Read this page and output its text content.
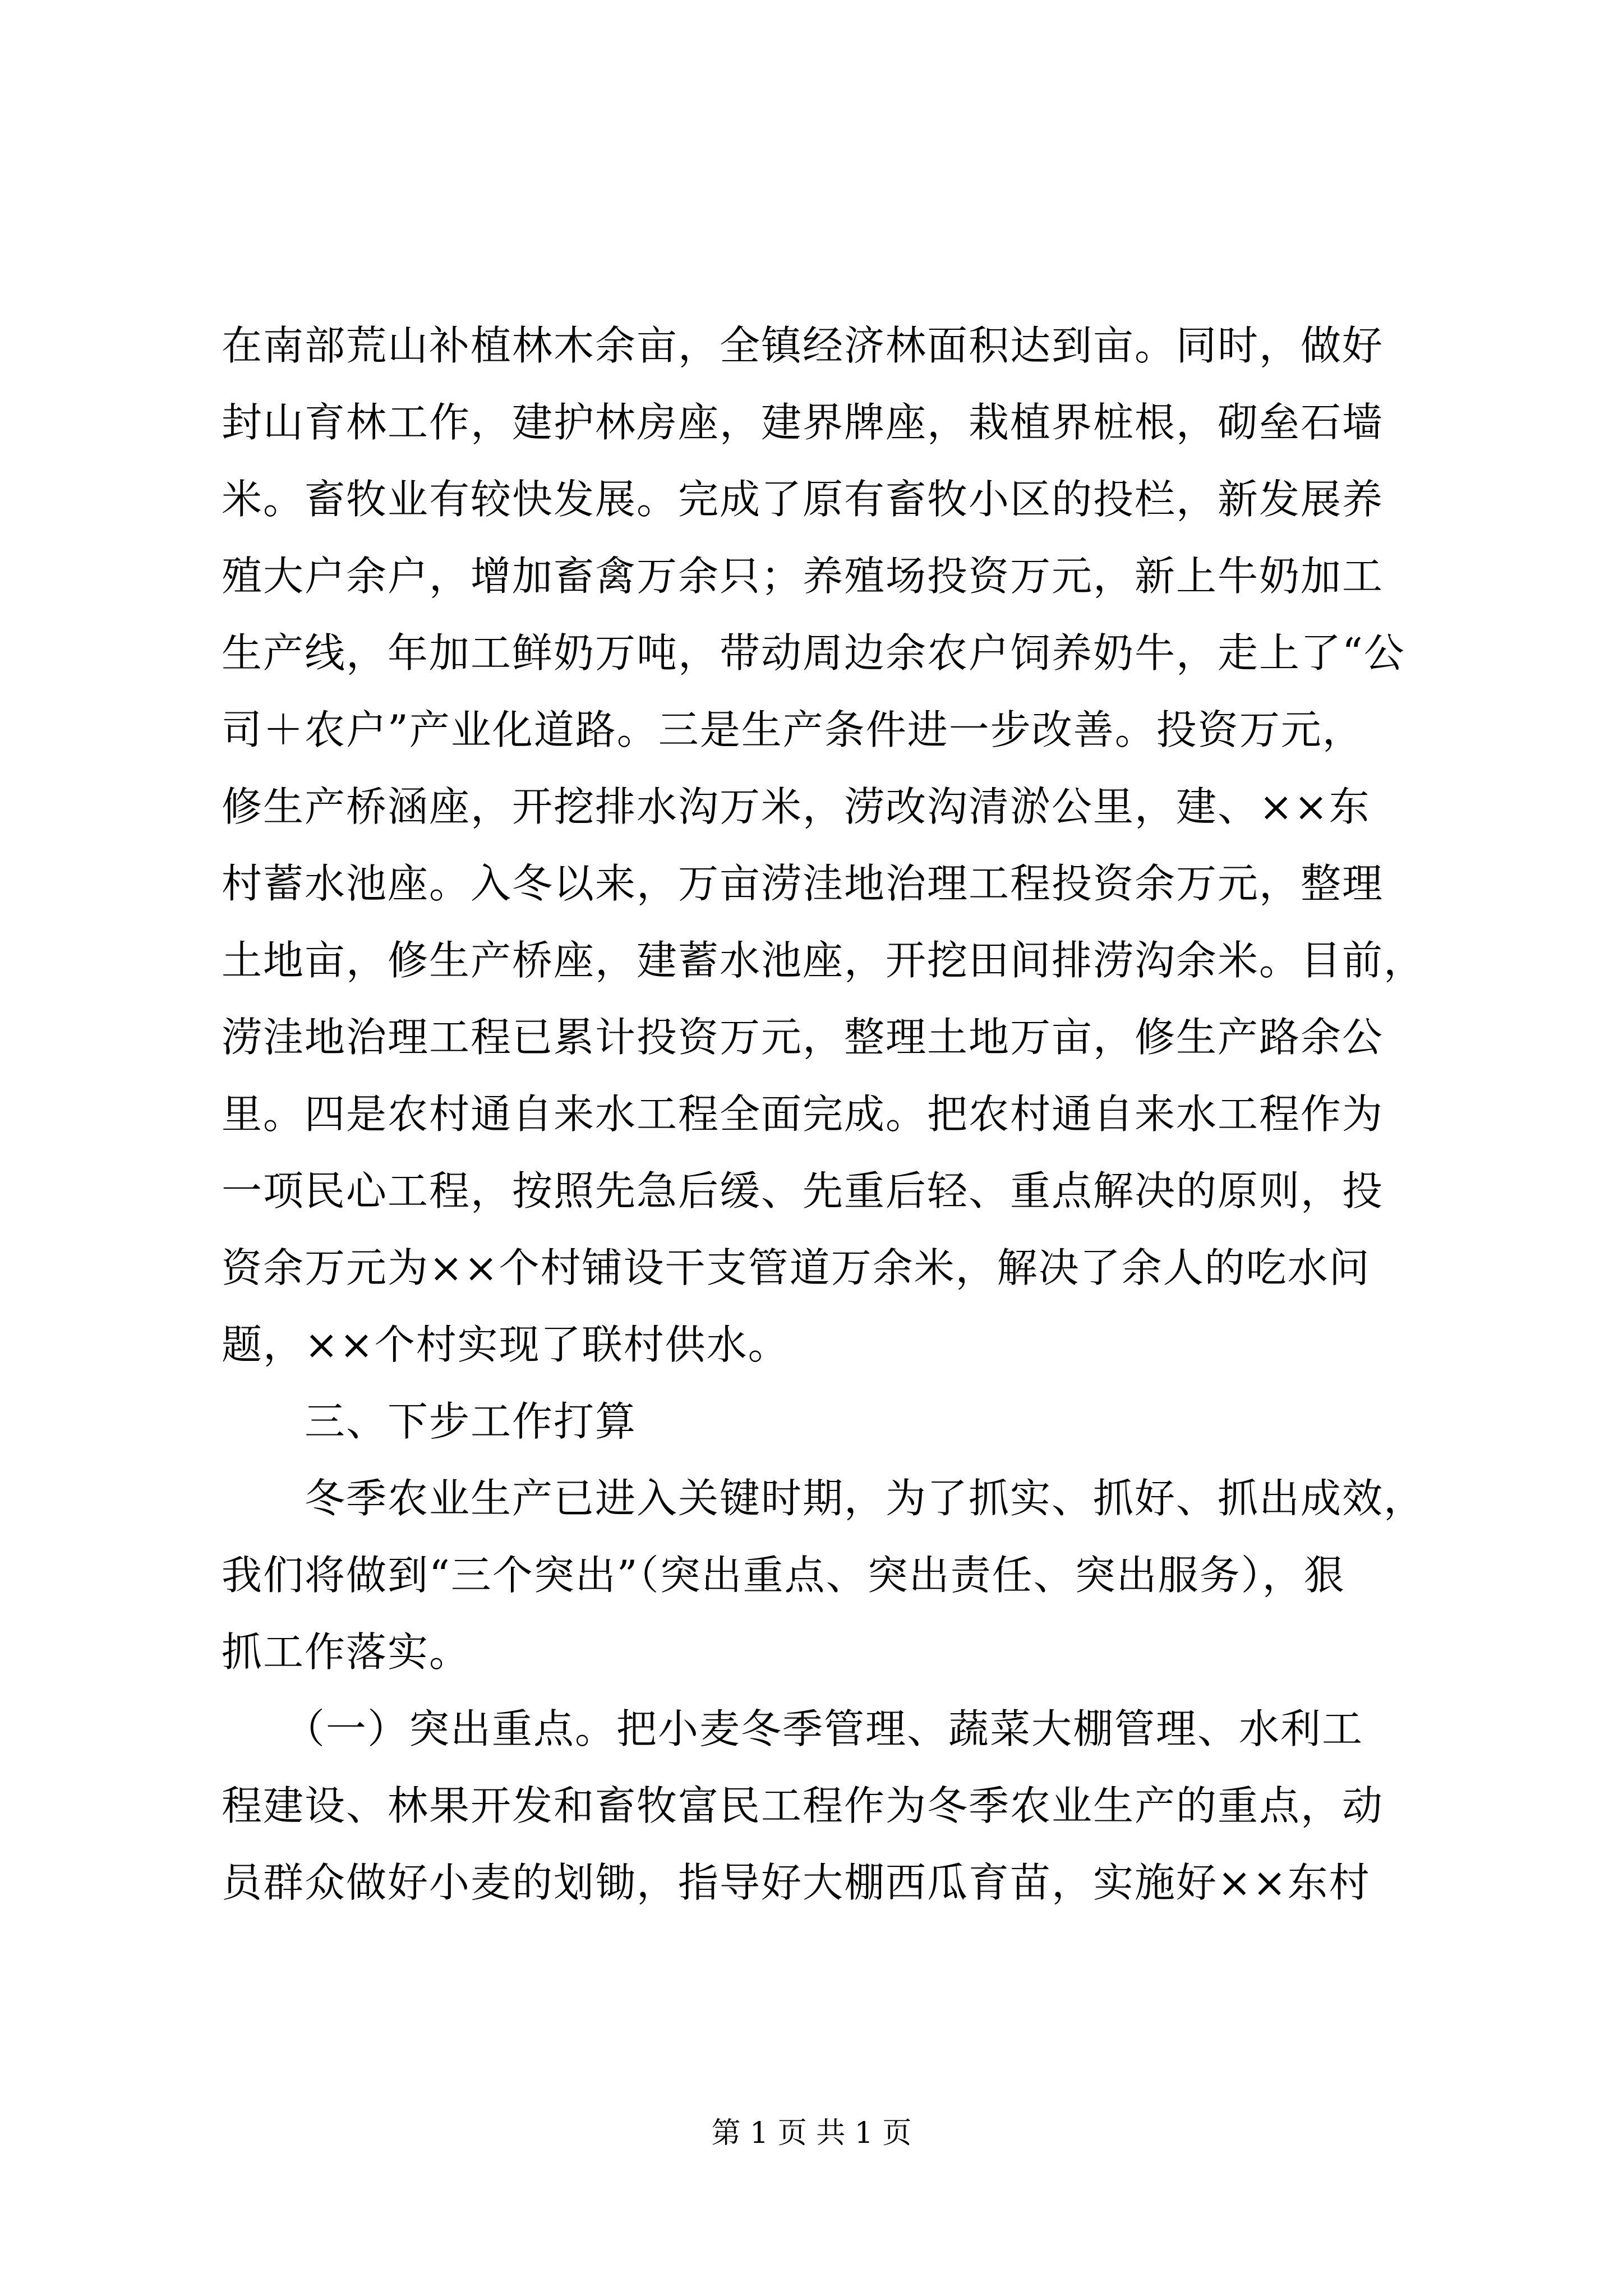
在南部荒山补植林木余亩，全镇经济林面积达到亩。同时，做好
封山育林工作，建护林房座，建界牌座，栽植界桩根，砌垒石墙
米。畜牧业有较快发展。完成了原有畜牧小区的投栏，新发展养
殖大户余户，增加畜禽万余只；养殖场投资万元，新上牛奶加工
生产线，年加工鲜奶万吨，带动周边余农户饲养奶牛，走上了“公
司＋农户”产业化道路。三是生产条件进一步改善。投资万元，
修生产桥涵座，开挖排水沟万米，涝改沟清淤公里，建、××东
村蓄水池座。入冬以来，万亩涝洼地治理工程投资余万元，整理
土地亩，修生产桥座，建蓄水池座，开挖田间排涝沟余米。目前，
涝洼地治理工程已累计投资万元，整理土地万亩，修生产路余公
里。四是农村通自来水工程全面完成。把农村通自来水工程作为
一项民心工程，按照先急后缓、先重后轻、重点解决的原则，投
资余万元为××个村铺设干支管道万余米，解决了余人的吃水问
题，××个村实现了联村供水。
　　三、下步工作打算
　　冬季农业生产已进入关键时期，为了抓实、抓好、抓出成效，
我们将做到“三个突出”（突出重点、突出责任、突出服务），狠
抓工作落实。
　　（一）突出重点。把小麦冬季管理、蔬菜大棚管理、水利工
程建设、林果开发和畜牧富民工程作为冬季农业生产的重点，动
员群众做好小麦的划锄，指导好大棚西瓜育苗，实施好××东村
第 1 页 共 1 页
